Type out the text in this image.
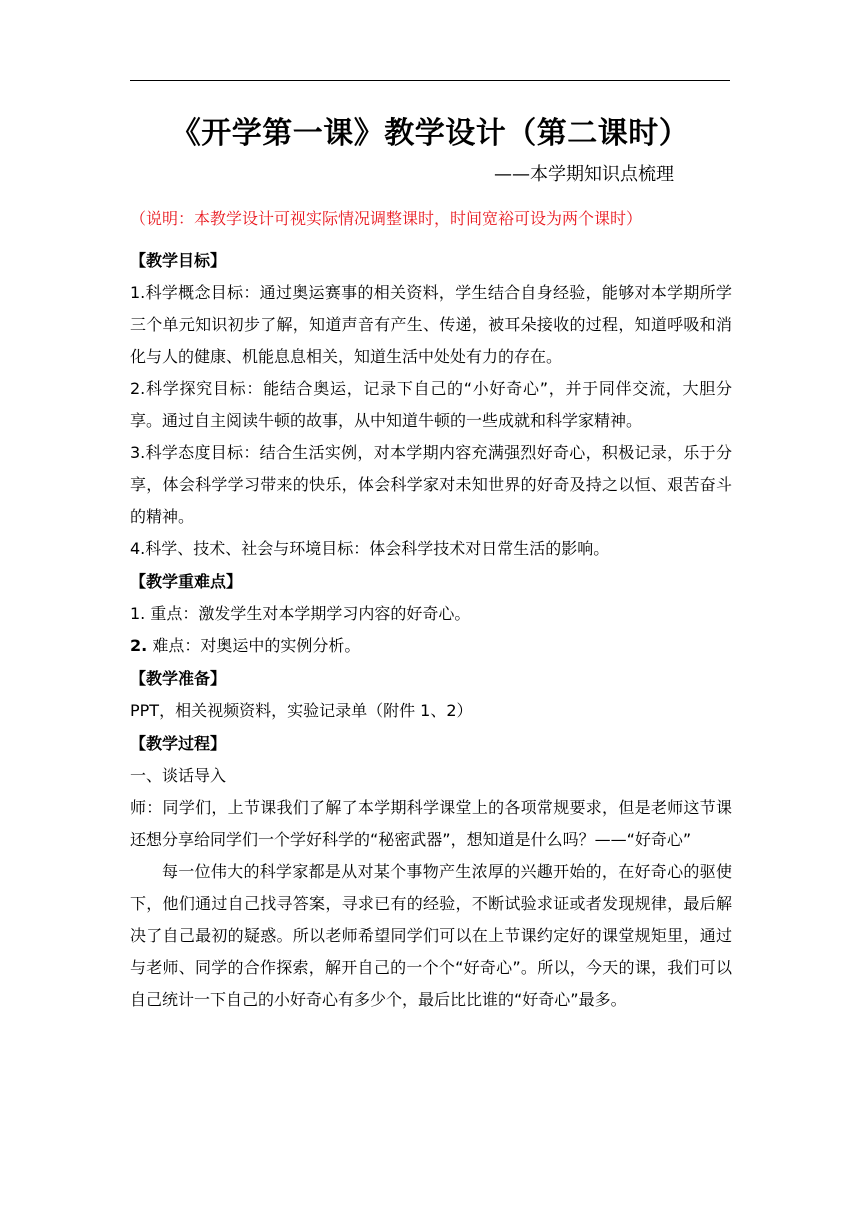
《开学第一课》教学设计（第二课时）
——本学期知识点梳理
（说明：本教学设计可视实际情况调整课时，时间宽裕可设为两个课时）

【教学目标】

1.科学概念目标：通过奥运赛事的相关资料，学生结合自身经验，能够对本学期所学三个单元知识初步了解，知道声音有产生、传递，被耳朵接收的过程，知道呼吸和消化与人的健康、机能息息相关，知道生活中处处有力的存在。

2.科学探究目标：能结合奥运，记录下自己的“小好奇心”，并于同伴交流，大胆分享。通过自主阅读牛顿的故事，从中知道牛顿的一些成就和科学家精神。

3.科学态度目标：结合生活实例，对本学期内容充满强烈好奇心，积极记录，乐于分享，体会科学学习带来的快乐，体会科学家对未知世界的好奇及持之以恒、艰苦奋斗的精神。

4.科学、技术、社会与环境目标：体会科学技术对日常生活的影响。

【教学重难点】

1. 重点：激发学生对本学期学习内容的好奇心。

2. 难点：对奥运中的实例分析。

【教学准备】

PPT，相关视频资料，实验记录单（附件 1、2）

【教学过程】

一、谈话导入

师：同学们，上节课我们了解了本学期科学课堂上的各项常规要求，但是老师这节课还想分享给同学们一个学好科学的“秘密武器”，想知道是什么吗？——“好奇心”

每一位伟大的科学家都是从对某个事物产生浓厚的兴趣开始的，在好奇心的驱使下，他们通过自己找寻答案，寻求已有的经验，不断试验求证或者发现规律，最后解决了自己最初的疑惑。所以老师希望同学们可以在上节课约定好的课堂规矩里，通过与老师、同学的合作探索，解开自己的一个个“好奇心”。所以，今天的课，我们可以自己统计一下自己的小好奇心有多少个，最后比比谁的“好奇心”最多。
